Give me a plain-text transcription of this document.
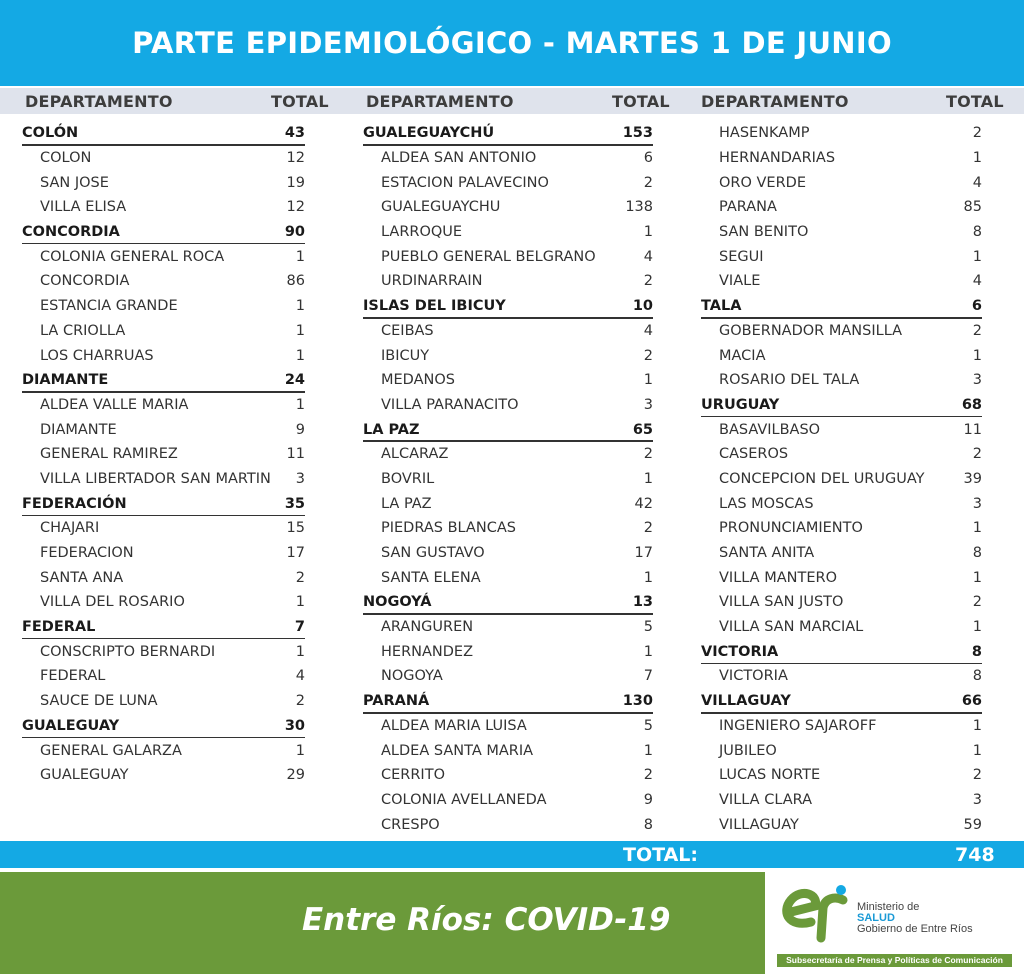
PARTE EPIDEMIOLÓGICO - MARTES 1 DE JUNIO
DEPARTAMENTO	TOTAL DEPARTAMENTO	TOTAL DEPARTAMENTO	TOTAL
COLÓN	43
COLON	12
SAN JOSE	19
VILLA ELISA	12
CONCORDIA	90
COLONIA GENERAL ROCA	1
CONCORDIA	86
ESTANCIA GRANDE	1
LA CRIOLLA	1
LOS CHARRUAS	1
DIAMANTE	24
ALDEA VALLE MARIA	1
DIAMANTE	9
GENERAL RAMIREZ	11
VILLA LIBERTADOR SAN MARTIN	3
FEDERACIÓN	35
CHAJARI	15
FEDERACION	17
SANTA ANA	2
VILLA DEL ROSARIO	1
FEDERAL	7
CONSCRIPTO BERNARDI	1
FEDERAL	4
SAUCE DE LUNA	2
GUALEGUAY	30
GENERAL GALARZA	1
GUALEGUAY	29
GUALEGUAYCHÚ	153
ALDEA SAN ANTONIO	6
ESTACION PALAVECINO	2
GUALEGUAYCHU	138
LARROQUE	1
PUEBLO GENERAL BELGRANO	4
URDINARRAIN	2
ISLAS DEL IBICUY	10
CEIBAS	4
IBICUY	2
MEDANOS	1
VILLA PARANACITO	3
LA PAZ	65
ALCARAZ	2
BOVRIL	1
LA PAZ	42
PIEDRAS BLANCAS	2
SAN GUSTAVO	17
SANTA ELENA	1
NOGOYÁ	13
ARANGUREN	5
HERNANDEZ	1
NOGOYA	7
PARANÁ	130
ALDEA MARIA LUISA	5
ALDEA SANTA MARIA	1
CERRITO	2
COLONIA AVELLANEDA	9
CRESPO	8
HASENKAMP	2
HERNANDARIAS	1
ORO VERDE	4
PARANA	85
SAN BENITO	8
SEGUI	1
VIALE	4
TALA	6
GOBERNADOR MANSILLA	2
MACIA	1
ROSARIO DEL TALA	3
URUGUAY	68
BASAVILBASO	11
CASEROS	2
CONCEPCION DEL URUGUAY	39
LAS MOSCAS	3
PRONUNCIAMIENTO	1
SANTA ANITA	8
VILLA MANTERO	1
VILLA SAN JUSTO	2
VILLA SAN MARCIAL	1
VICTORIA	8
VICTORIA	8
VILLAGUAY	66
INGENIERO SAJAROFF	1
JUBILEO	1
LUCAS NORTE	2
VILLA CLARA	3
VILLAGUAY	59
TOTAL:	748
Entre Ríos: COVID-19	Ministerio de
SALUD
Gobierno de Entre Ríos
Subsecretaría de Prensa y Políticas de Comunicación
